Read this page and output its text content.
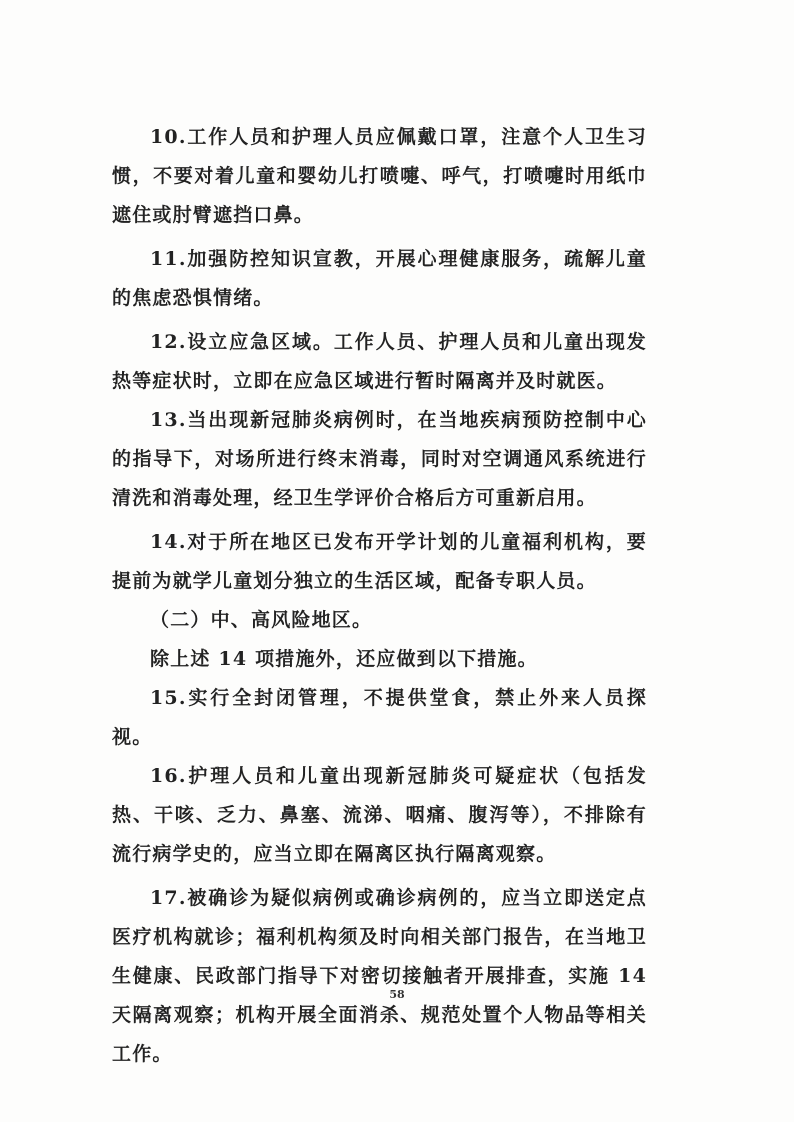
10.工作人员和护理人员应佩戴口罩，注意个人卫生习惯，不要对着儿童和婴幼儿打喷嚏、呼气，打喷嚏时用纸巾遮住或肘臂遮挡口鼻。

11.加强防控知识宣教，开展心理健康服务，疏解儿童的焦虑恐惧情绪。

12.设立应急区域。工作人员、护理人员和儿童出现发热等症状时，立即在应急区域进行暂时隔离并及时就医。

13.当出现新冠肺炎病例时，在当地疾病预防控制中心的指导下，对场所进行终末消毒，同时对空调通风系统进行清洗和消毒处理，经卫生学评价合格后方可重新启用。

14.对于所在地区已发布开学计划的儿童福利机构，要提前为就学儿童划分独立的生活区域，配备专职人员。

（二）中、高风险地区。

除上述 14 项措施外，还应做到以下措施。

15.实行全封闭管理，不提供堂食，禁止外来人员探视。

16.护理人员和儿童出现新冠肺炎可疑症状（包括发热、干咳、乏力、鼻塞、流涕、咽痛、腹泻等），不排除有流行病学史的，应当立即在隔离区执行隔离观察。

17.被确诊为疑似病例或确诊病例的，应当立即送定点医疗机构就诊；福利机构须及时向相关部门报告，在当地卫生健康、民政部门指导下对密切接触者开展排查，实施 14 天隔离观察；机构开展全面消杀、规范处置个人物品等相关工作。

58
